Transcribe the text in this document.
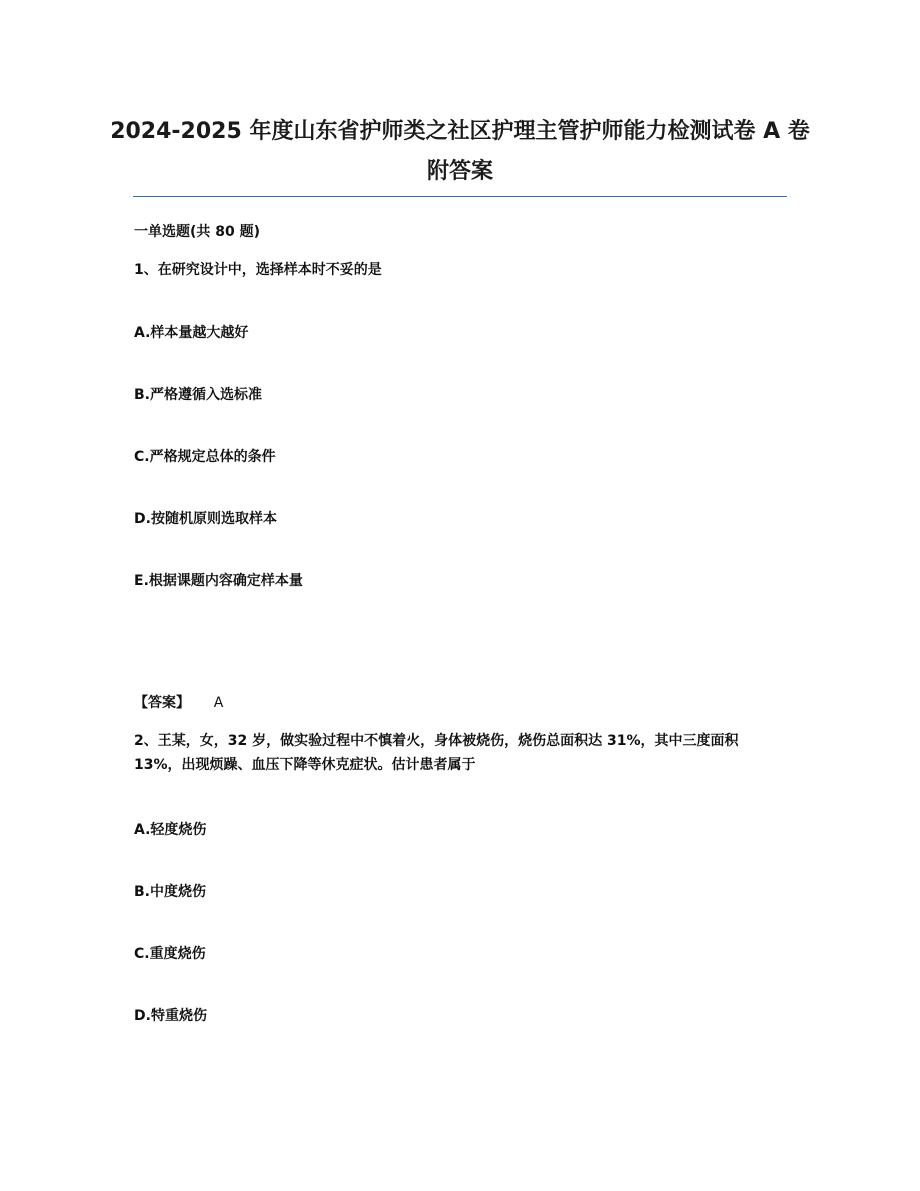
2024-2025 年度山东省护师类之社区护理主管护师能力检测试卷 A 卷附答案
一单选题(共 80 题)
1、在研究设计中，选择样本时不妥的是
A.样本量越大越好
B.严格遵循入选标准
C.严格规定总体的条件
D.按随机原则选取样本
E.根据课题内容确定样本量
【答案】 A
2、王某，女，32 岁，做实验过程中不慎着火，身体被烧伤，烧伤总面积达 31%，其中三度面积 13%，出现烦躁、血压下降等休克症状。估计患者属于
A.轻度烧伤
B.中度烧伤
C.重度烧伤
D.特重烧伤
